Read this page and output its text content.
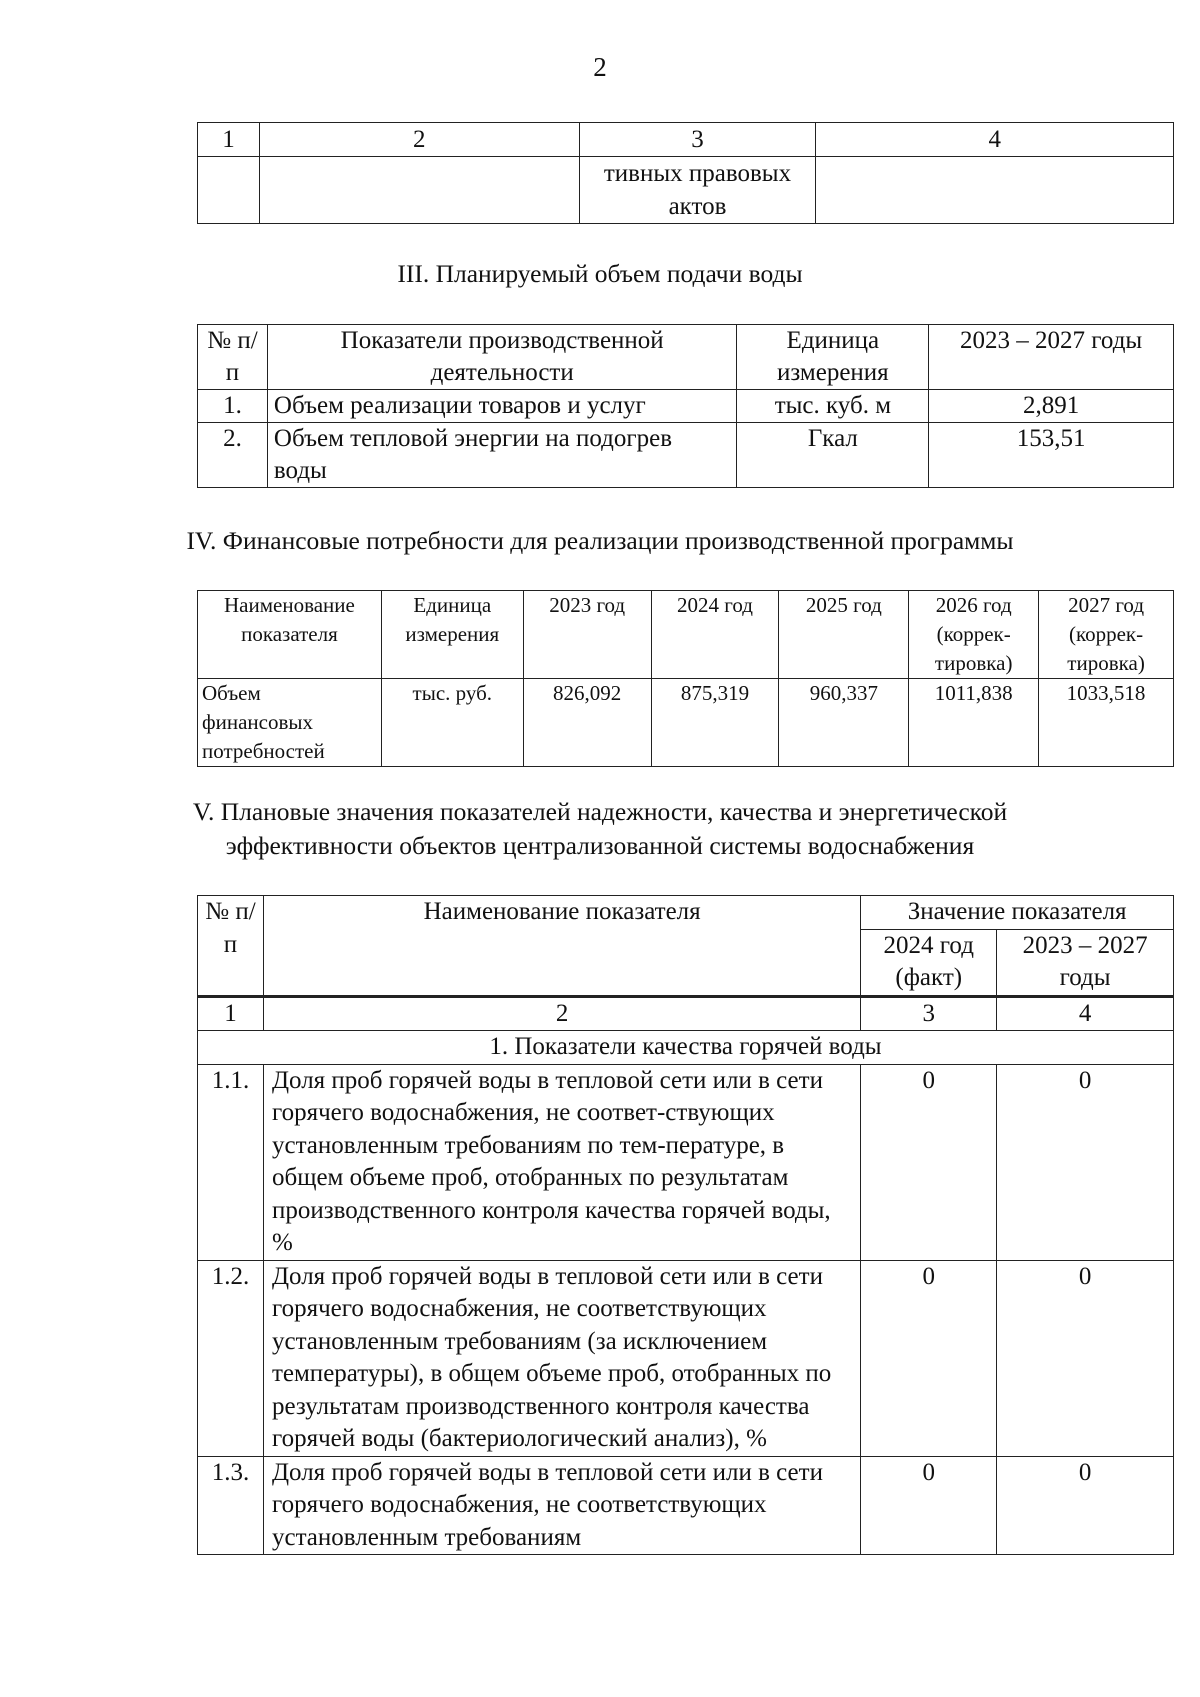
2
1	2	3	4
		тивных правовых актов	
III. Планируемый объем подачи воды
№ п/п	Показатели производственной деятельности	Единица измерения	2023 – 2027 годы
1.	Объем реализации товаров и услуг	тыс. куб. м	2,891
2.	Объем тепловой энергии на подогрев воды	Гкал	153,51
IV. Финансовые потребности для реализации производственной программы
Наименование показателя	Единица измерения	2023 год	2024 год	2025 год	2026 год (коррек-тировка)	2027 год (коррек-тировка)
Объем финансовых потребностей	тыс. руб.	826,092	875,319	960,337	1011,838	1033,518
V. Плановые значения показателей надежности, качества и энергетической
эффективности объектов централизованной системы водоснабжения
№ п/п	Наименование показателя	Значение показателя	
		2024 год (факт)	2023 – 2027 годы
1	2	3	4
1. Показатели качества горячей воды			
1.1.	Доля проб горячей воды в тепловой сети или в сети горячего водоснабжения, не соответ-ствующих установленным требованиям по тем-пературе, в общем объеме проб, отобранных по результатам производственного контроля качества горячей воды, %	0	0
1.2.	Доля проб горячей воды в тепловой сети или в сети горячего водоснабжения, не соответствующих установленным требованиям (за исключением температуры), в общем объеме проб, отобранных по результатам производственного контроля качества горячей воды (бактериологический анализ), %	0	0
1.3.	Доля проб горячей воды в тепловой сети или в сети горячего водоснабжения, не соответствующих установленным требованиям	0	0
